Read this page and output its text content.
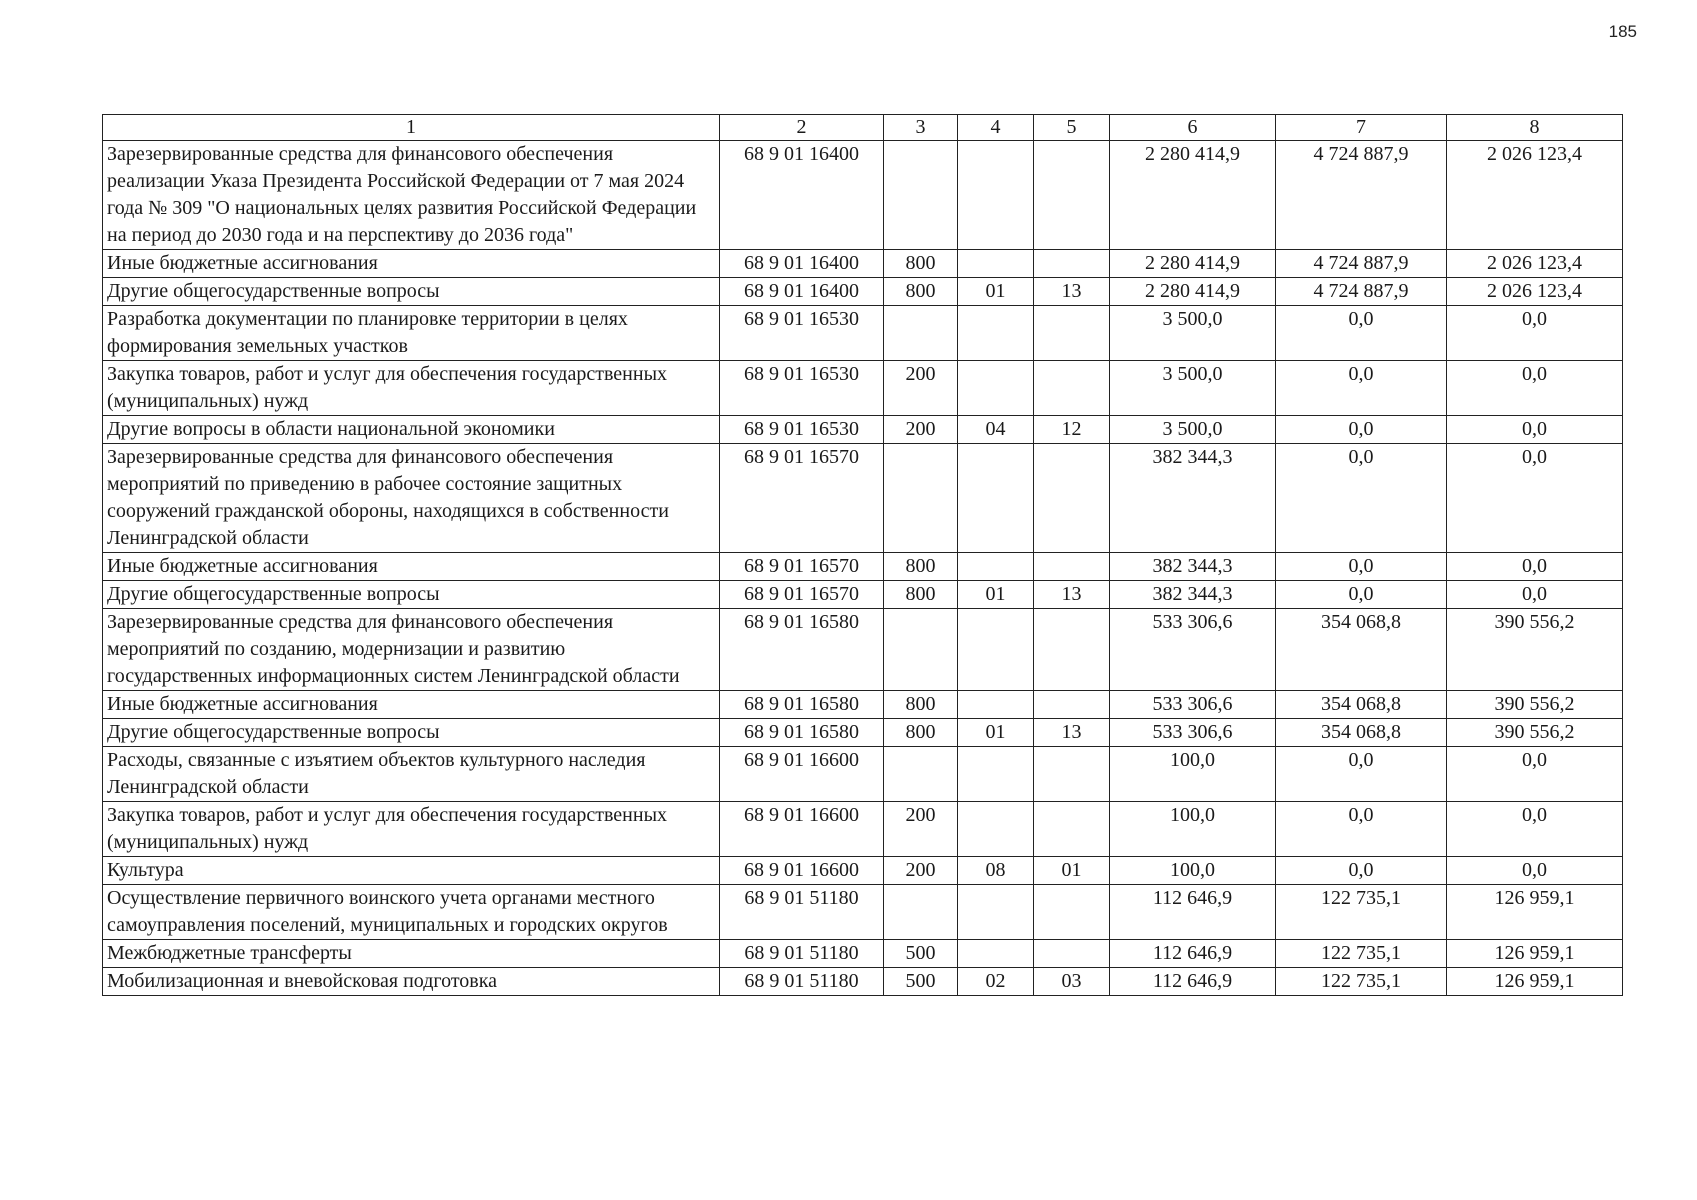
185
1	2	3	4	5	6	7	8
Зарезервированные средства для финансового обеспечения реализации Указа Президента Российской Федерации от 7 мая 2024 года № 309 "О национальных целях развития Российской Федерации на период до 2030 года и на перспективу до 2036 года"	68 9 01 16400				2 280 414,9	4 724 887,9	2 026 123,4
Иные бюджетные ассигнования	68 9 01 16400	800			2 280 414,9	4 724 887,9	2 026 123,4
Другие общегосударственные вопросы	68 9 01 16400	800	01	13	2 280 414,9	4 724 887,9	2 026 123,4
Разработка документации по планировке территории в целях формирования земельных участков	68 9 01 16530				3 500,0	0,0	0,0
Закупка товаров, работ и услуг для обеспечения государственных (муниципальных) нужд	68 9 01 16530	200			3 500,0	0,0	0,0
Другие вопросы в области национальной экономики	68 9 01 16530	200	04	12	3 500,0	0,0	0,0
Зарезервированные средства для финансового обеспечения мероприятий по приведению в рабочее состояние защитных сооружений гражданской обороны, находящихся в собственности Ленинградской области	68 9 01 16570				382 344,3	0,0	0,0
Иные бюджетные ассигнования	68 9 01 16570	800			382 344,3	0,0	0,0
Другие общегосударственные вопросы	68 9 01 16570	800	01	13	382 344,3	0,0	0,0
Зарезервированные средства для финансового обеспечения мероприятий по созданию, модернизации и развитию государственных информационных систем Ленинградской области	68 9 01 16580				533 306,6	354 068,8	390 556,2
Иные бюджетные ассигнования	68 9 01 16580	800			533 306,6	354 068,8	390 556,2
Другие общегосударственные вопросы	68 9 01 16580	800	01	13	533 306,6	354 068,8	390 556,2
Расходы, связанные с изъятием объектов культурного наследия Ленинградской области	68 9 01 16600				100,0	0,0	0,0
Закупка товаров, работ и услуг для обеспечения государственных (муниципальных) нужд	68 9 01 16600	200			100,0	0,0	0,0
Культура	68 9 01 16600	200	08	01	100,0	0,0	0,0
Осуществление первичного воинского учета органами местного самоуправления поселений, муниципальных и городских округов	68 9 01 51180				112 646,9	122 735,1	126 959,1
Межбюджетные трансферты	68 9 01 51180	500			112 646,9	122 735,1	126 959,1
Мобилизационная и вневойсковая подготовка	68 9 01 51180	500	02	03	112 646,9	122 735,1	126 959,1
